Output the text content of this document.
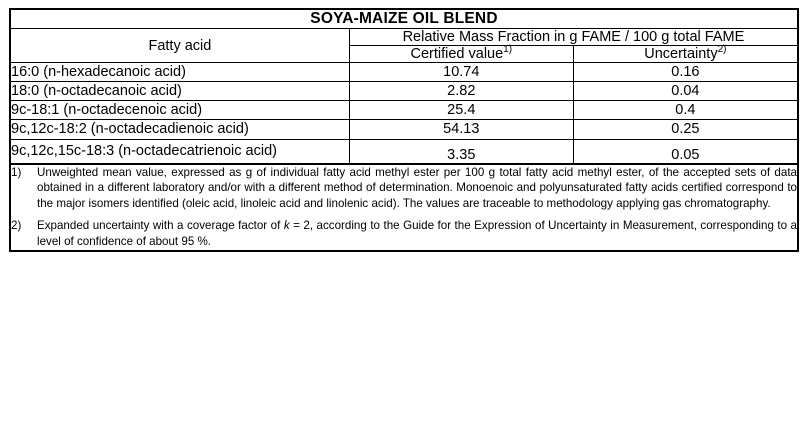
SOYA-MAIZE OIL BLEND		

Fatty acid	Relative Mass Fraction in g FAME / 100 g total FAME	
	Certified value$^{1)}$	Uncertainty$^{2)}$
16:0 (n-hexadecanoic acid)	10.74	0.16
18:0 (n-octadecanoic acid)	2.82	0.04
9c-18:1 (n-octadecenoic acid)	25.4	0.4
9c,12c-18:2 (n-octadecadienoic acid)	54.13	0.25
9c,12c,15c-18:3 (n-octadecatrienoic acid)	3.35	0.05

1) Unweighted mean value, expressed as g of individual fatty acid methyl ester per 100 g total fatty acid methyl ester, of the accepted sets of data obtained in a different laboratory and/or with a different method of determination. Monoenoic and polyunsaturated fatty acids certified correspond to the major isomers identified (oleic acid, linoleic acid and linolenic acid). The values are traceable to methodology applying gas chromatography.
2) Expanded uncertainty with a coverage factor of k = 2, according to the Guide for the Expression of Uncertainty in Measurement, corresponding to a level of confidence of about 95 %.		
